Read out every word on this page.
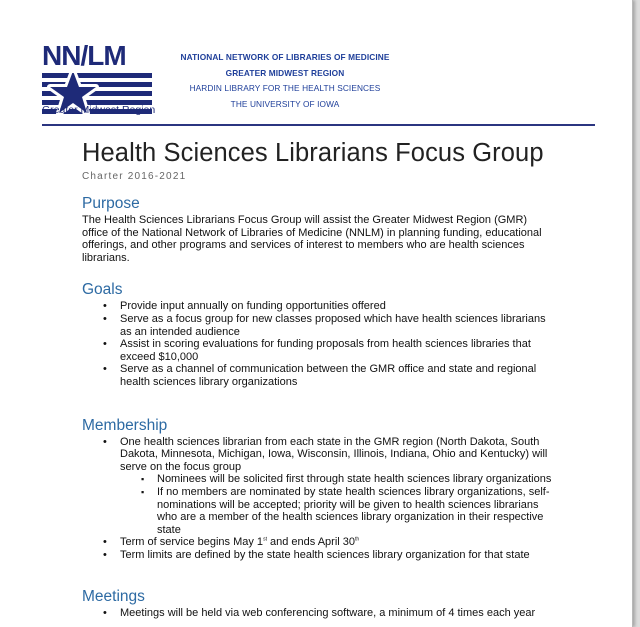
NN/LM
Greater Midwest Region
NATIONAL NETWORK OF LIBRARIES OF MEDICINE
GREATER MIDWEST REGION
HARDIN LIBRARY FOR THE HEALTH SCIENCES
THE UNIVERSITY OF IOWA
Health Sciences Librarians Focus Group
Charter 2016-2021
Purpose

The Health Sciences Librarians Focus Group will assist the Greater Midwest Region (GMR) office of the National Network of Libraries of Medicine (NNLM) in planning funding, educational offerings, and other programs and services of interest to members who are health sciences librarians.

Goals
• Provide input annually on funding opportunities offered
• Serve as a focus group for new classes proposed which have health sciences librarians as an intended audience
• Assist in scoring evaluations for funding proposals from health sciences libraries that exceed $10,000
• Serve as a channel of communication between the GMR office and state and regional health sciences library organizations
Membership
• One health sciences librarian from each state in the GMR region (North Dakota, South Dakota, Minnesota, Michigan, Iowa, Wisconsin, Illinois, Indiana, Ohio and Kentucky) will serve on the focus group
▪ Nominees will be solicited first through state health sciences library organizations
▪ If no members are nominated by state health sciences library organizations, self-nominations will be accepted; priority will be given to health sciences librarians who are a member of the health sciences library organization in their respective state
• Term of service begins May 1st and ends April 30th
• Term limits are defined by the state health sciences library organization for that state
Meetings
• Meetings will be held via web conferencing software, a minimum of 4 times each year
